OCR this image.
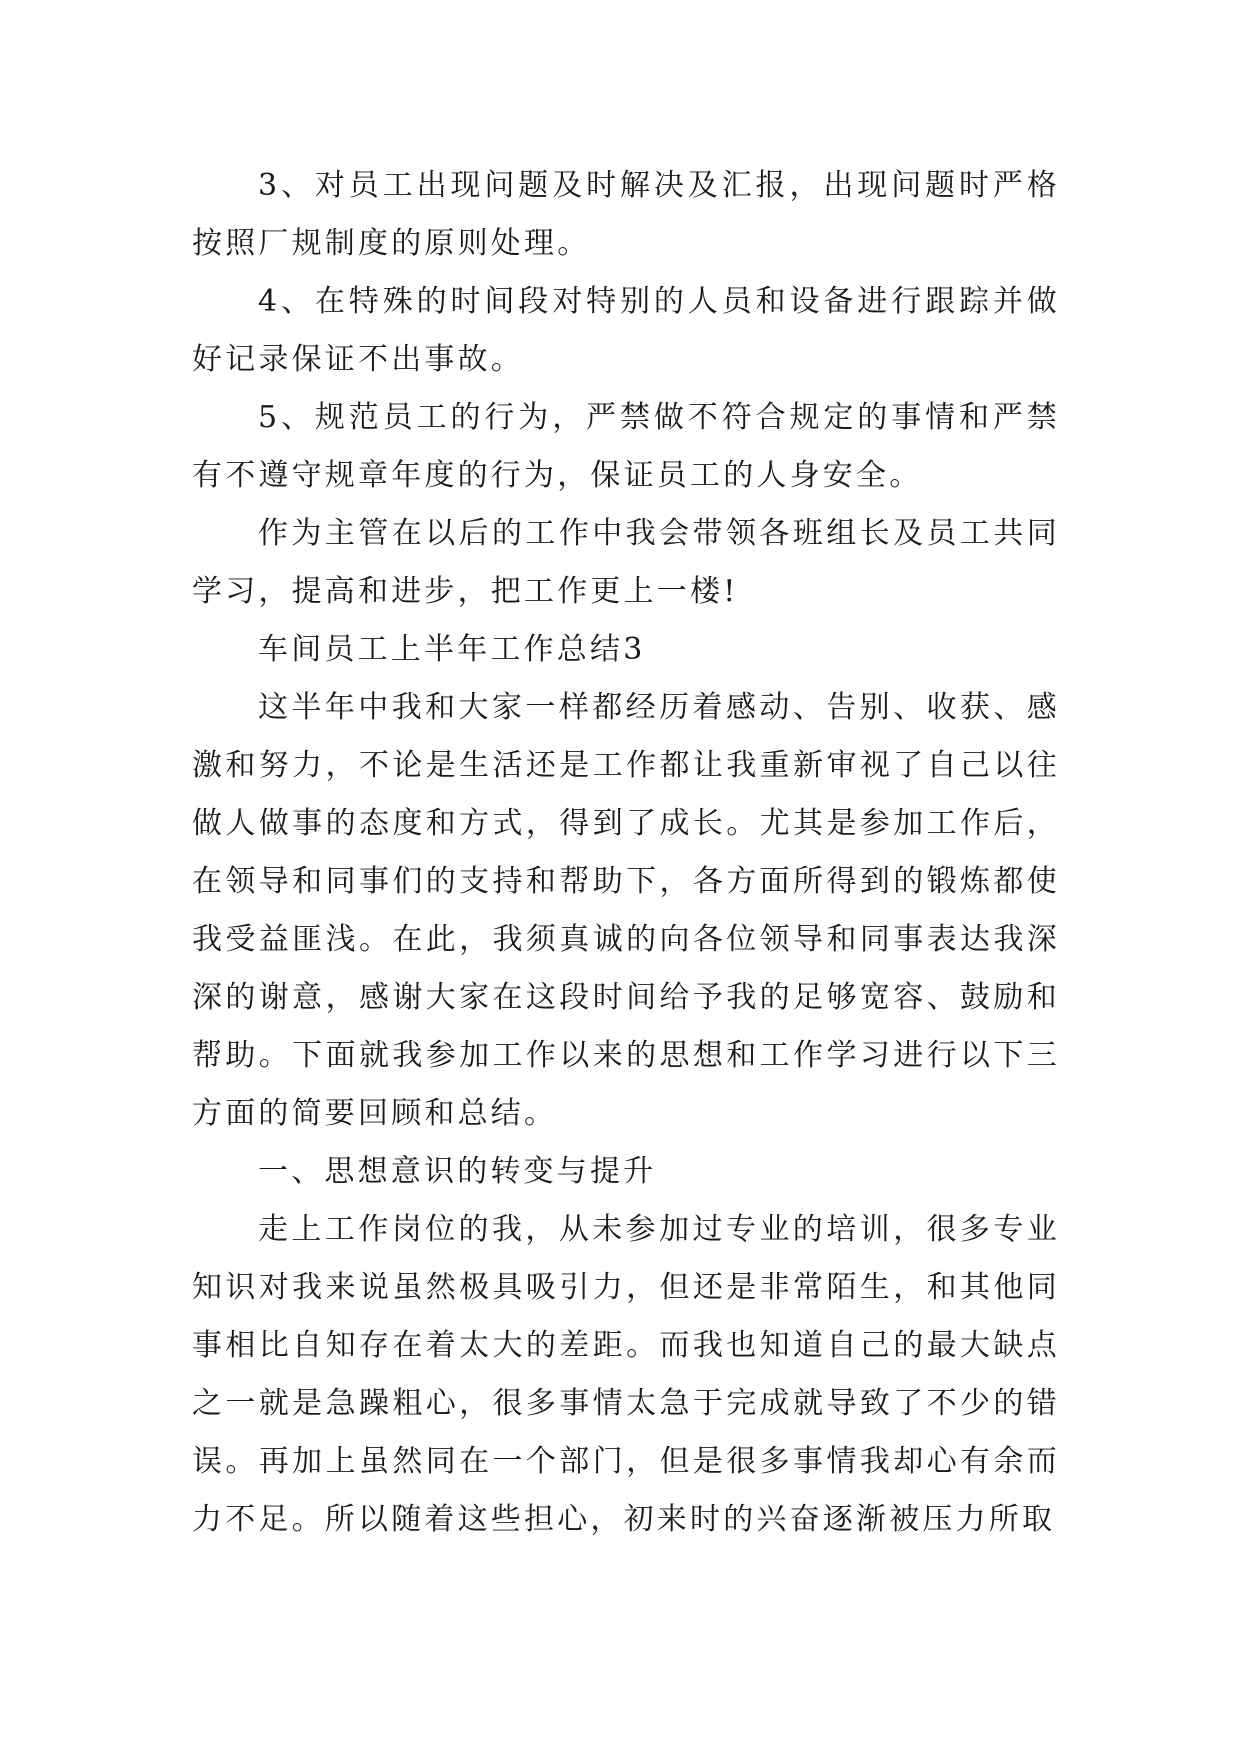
3、对员工出现问题及时解决及汇报，出现问题时严格按照厂规制度的原则处理。

4、在特殊的时间段对特别的人员和设备进行跟踪并做好记录保证不出事故。

5、规范员工的行为，严禁做不符合规定的事情和严禁有不遵守规章年度的行为，保证员工的人身安全。

作为主管在以后的工作中我会带领各班组长及员工共同学习，提高和进步，把工作更上一楼!

车间员工上半年工作总结3

这半年中我和大家一样都经历着感动、告别、收获、感激和努力，不论是生活还是工作都让我重新审视了自己以往做人做事的态度和方式，得到了成长。尤其是参加工作后，在领导和同事们的支持和帮助下，各方面所得到的锻炼都使我受益匪浅。在此，我须真诚的向各位领导和同事表达我深深的谢意，感谢大家在这段时间给予我的足够宽容、鼓励和帮助。下面就我参加工作以来的思想和工作学习进行以下三方面的简要回顾和总结。

一、思想意识的转变与提升

走上工作岗位的我，从未参加过专业的培训，很多专业知识对我来说虽然极具吸引力，但还是非常陌生，和其他同事相比自知存在着太大的差距。而我也知道自己的最大缺点之一就是急躁粗心，很多事情太急于完成就导致了不少的错误。再加上虽然同在一个部门，但是很多事情我却心有余而力不足。所以随着这些担心，初来时的兴奋逐渐被压力所取
